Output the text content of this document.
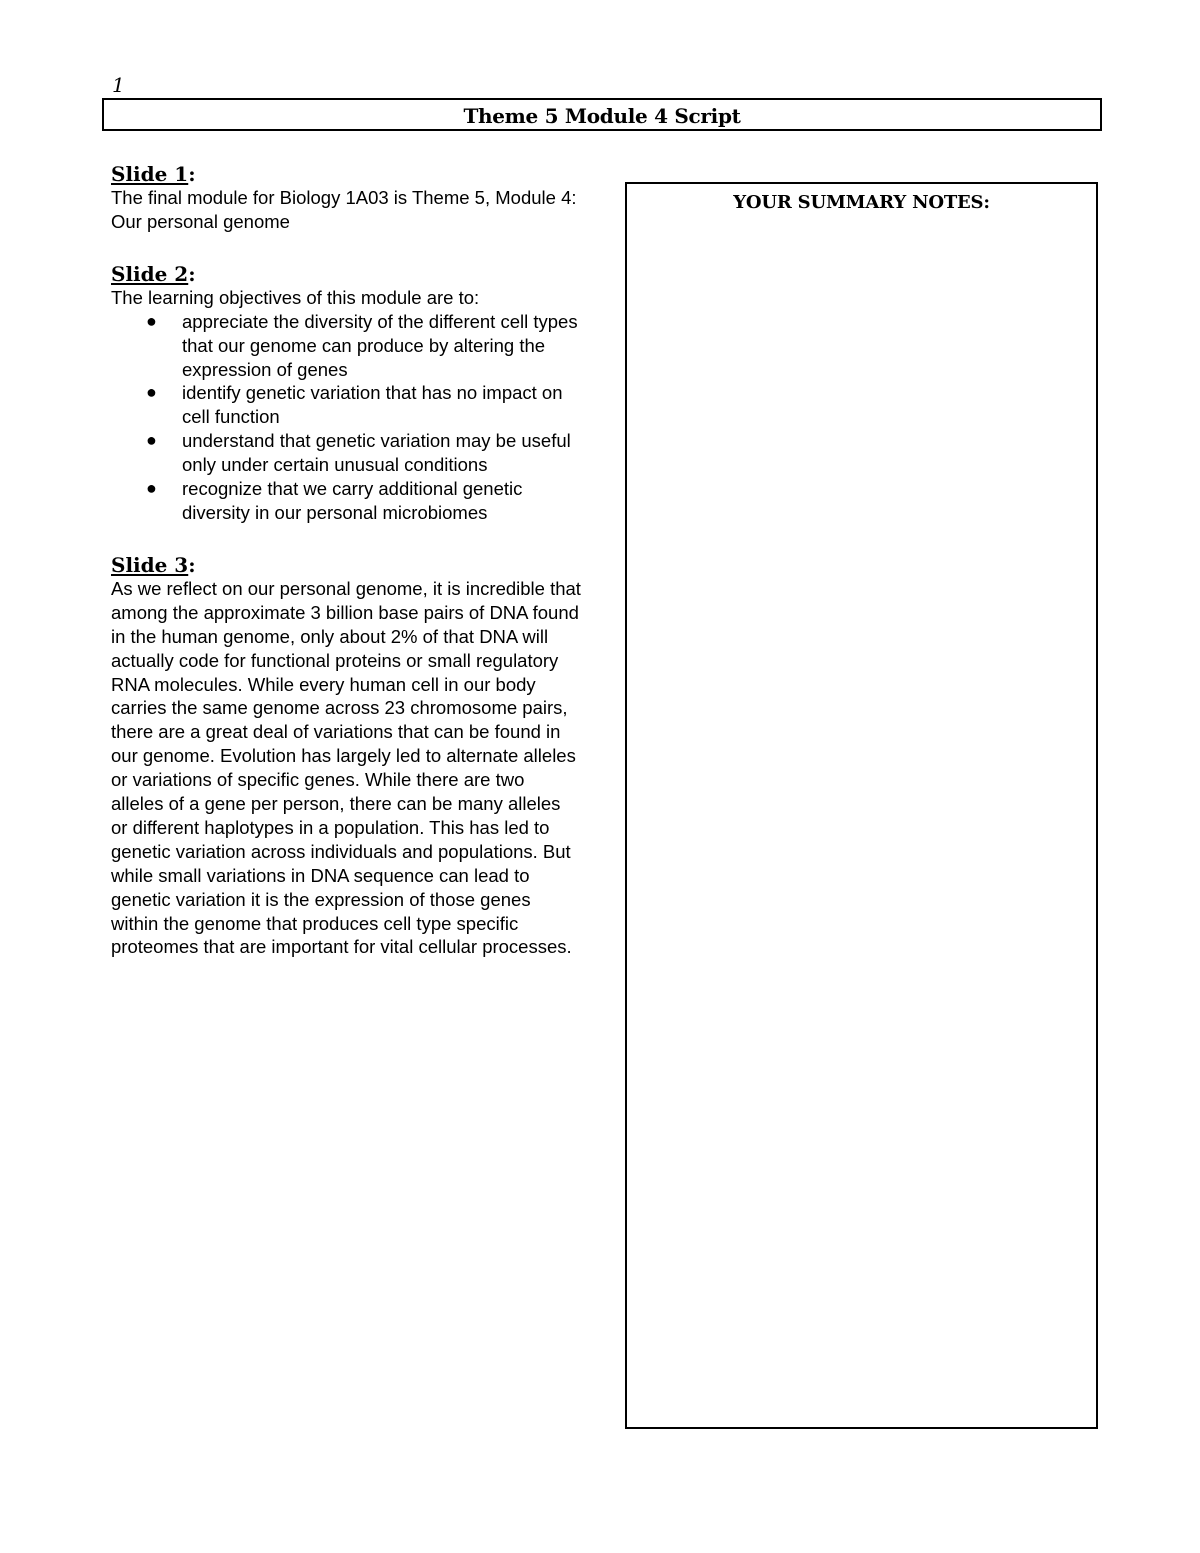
1
Theme 5 Module 4 Script

Slide 1:

The final module for Biology 1A03 is Theme 5, Module 4: Our personal genome

Slide 2:

The learning objectives of this module are to:

● appreciate the diversity of the different cell types that our genome can produce by altering the expression of genes
● identify genetic variation that has no impact on cell function
● understand that genetic variation may be useful only under certain unusual conditions
● recognize that we carry additional genetic diversity in our personal microbiomes

Slide 3:

As we reflect on our personal genome, it is incredible that among the approximate 3 billion base pairs of DNA found in the human genome, only about 2% of that DNA will actually code for functional proteins or small regulatory RNA molecules. While every human cell in our body carries the same genome across 23 chromosome pairs, there are a great deal of variations that can be found in our genome. Evolution has largely led to alternate alleles or variations of specific genes. While there are two alleles of a gene per person, there can be many alleles or different haplotypes in a population. This has led to genetic variation across individuals and populations. But while small variations in DNA sequence can lead to genetic variation it is the expression of those genes within the genome that produces cell type specific proteomes that are important for vital cellular processes.

YOUR SUMMARY NOTES:
